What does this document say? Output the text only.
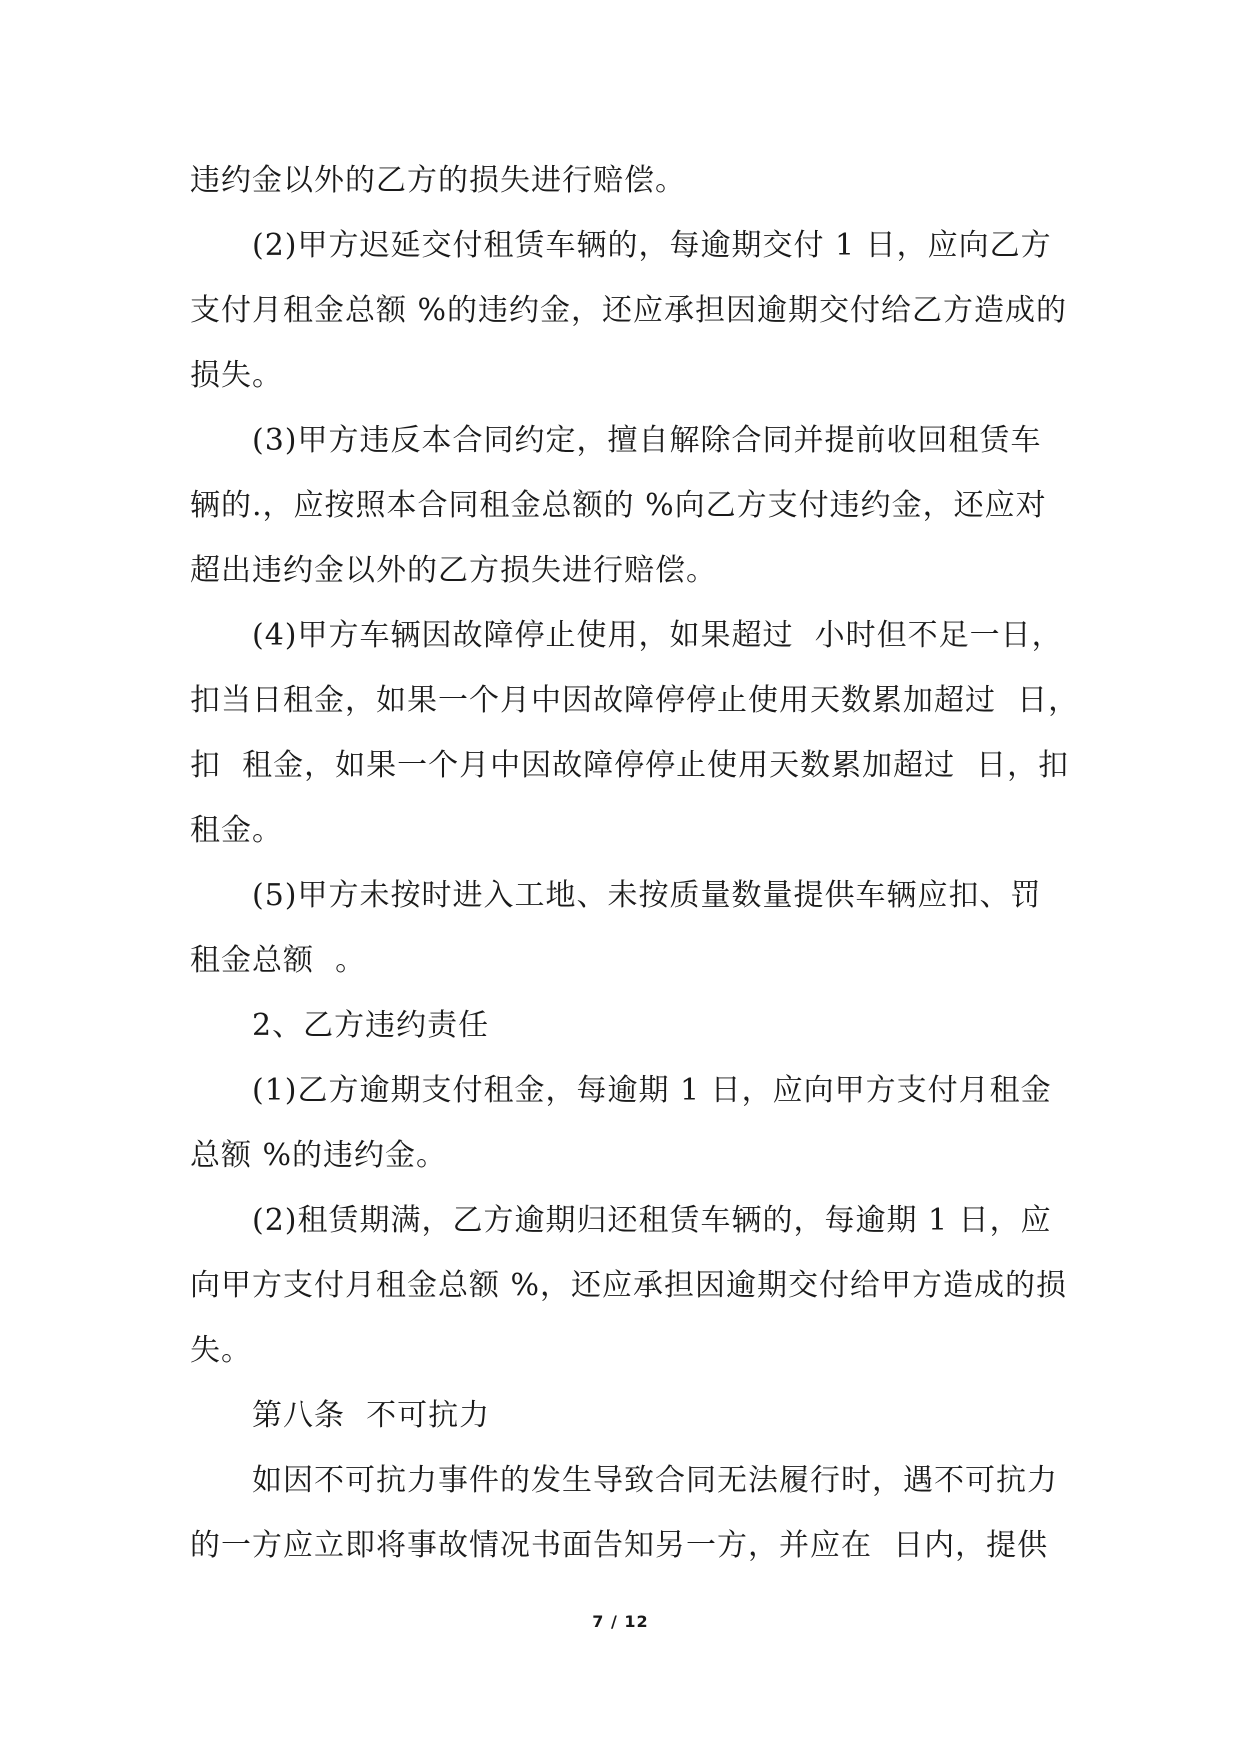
违约金以外的乙方的损失进行赔偿。
(2)甲方迟延交付租赁车辆的，每逾期交付 1 日，应向乙方
支付月租金总额 %的违约金，还应承担因逾期交付给乙方造成的
损失。
(3)甲方违反本合同约定，擅自解除合同并提前收回租赁车
辆的.，应按照本合同租金总额的 %向乙方支付违约金，还应对
超出违约金以外的乙方损失进行赔偿。
(4)甲方车辆因故障停止使用，如果超过  小时但不足一日，
扣当日租金，如果一个月中因故障停停止使用天数累加超过  日，
扣  租金，如果一个月中因故障停停止使用天数累加超过  日，扣
租金。
(5)甲方未按时进入工地、未按质量数量提供车辆应扣、罚
租金总额  。
2、乙方违约责任
(1)乙方逾期支付租金，每逾期 1 日，应向甲方支付月租金
总额 %的违约金。
(2)租赁期满，乙方逾期归还租赁车辆的，每逾期 1 日，应
向甲方支付月租金总额 %，还应承担因逾期交付给甲方造成的损
失。
第八条  不可抗力
如因不可抗力事件的发生导致合同无法履行时，遇不可抗力
的一方应立即将事故情况书面告知另一方，并应在  日内，提供
7 / 12
